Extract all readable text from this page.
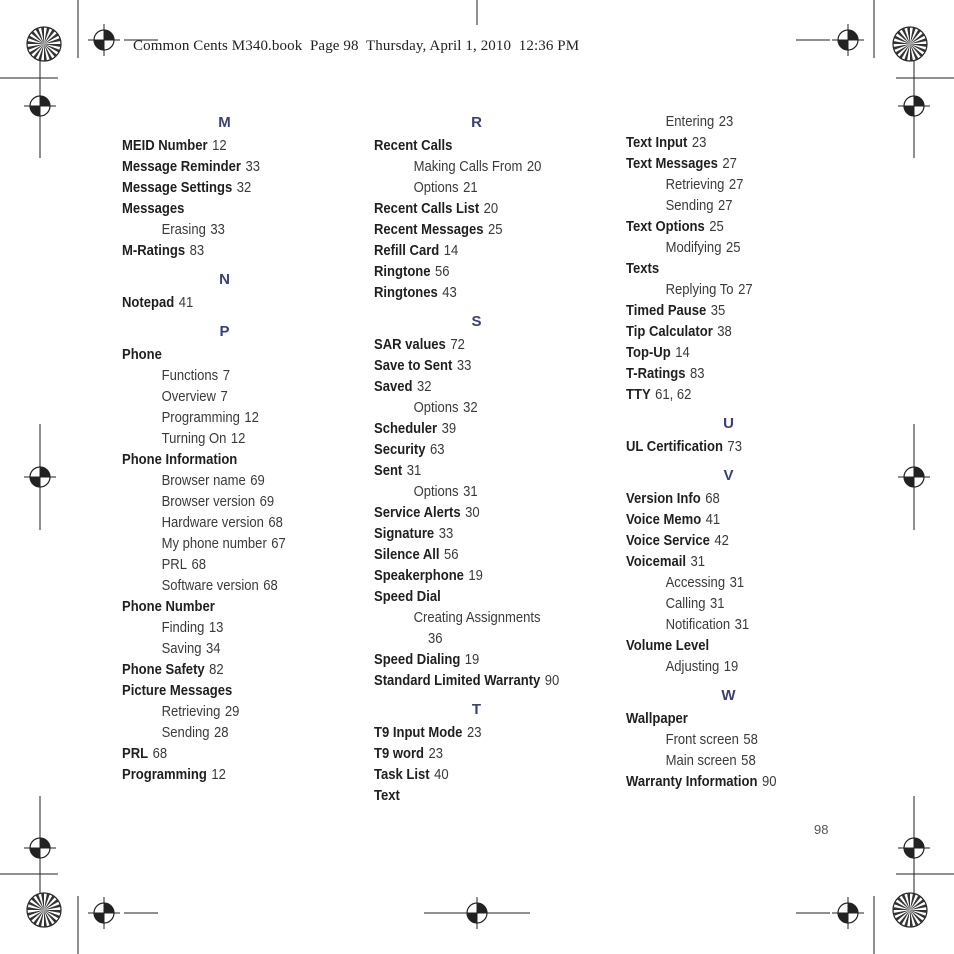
Common Cents M340.book  Page 98  Thursday, April 1, 2010  12:36 PM
M
MEID Number 12
Message Reminder 33
Message Settings 32
Messages
Erasing 33
M-Ratings 83
N
Notepad 41
P
Phone
Functions 7
Overview 7
Programming 12
Turning On 12
Phone Information
Browser name 69
Browser version 69
Hardware version 68
My phone number 67
PRL 68
Software version 68
Phone Number
Finding 13
Saving 34
Phone Safety 82
Picture Messages
Retrieving 29
Sending 28
PRL 68
Programming 12
R
Recent Calls
Making Calls From 20
Options 21
Recent Calls List 20
Recent Messages 25
Refill Card 14
Ringtone 56
Ringtones 43
S
SAR values 72
Save to Sent 33
Saved 32
Options 32
Scheduler 39
Security 63
Sent 31
Options 31
Service Alerts 30
Signature 33
Silence All 56
Speakerphone 19
Speed Dial
Creating Assignments
36
Speed Dialing 19
Standard Limited Warranty 90
T
T9 Input Mode 23
T9 word 23
Task List 40
Text
Entering 23
Text Input 23
Text Messages 27
Retrieving 27
Sending 27
Text Options 25
Modifying 25
Texts
Replying To 27
Timed Pause 35
Tip Calculator 38
Top-Up 14
T-Ratings 83
TTY 61, 62
U
UL Certification 73
V
Version Info 68
Voice Memo 41
Voice Service 42
Voicemail 31
Accessing 31
Calling 31
Notification 31
Volume Level
Adjusting 19
W
Wallpaper
Front screen 58
Main screen 58
Warranty Information 90
98
